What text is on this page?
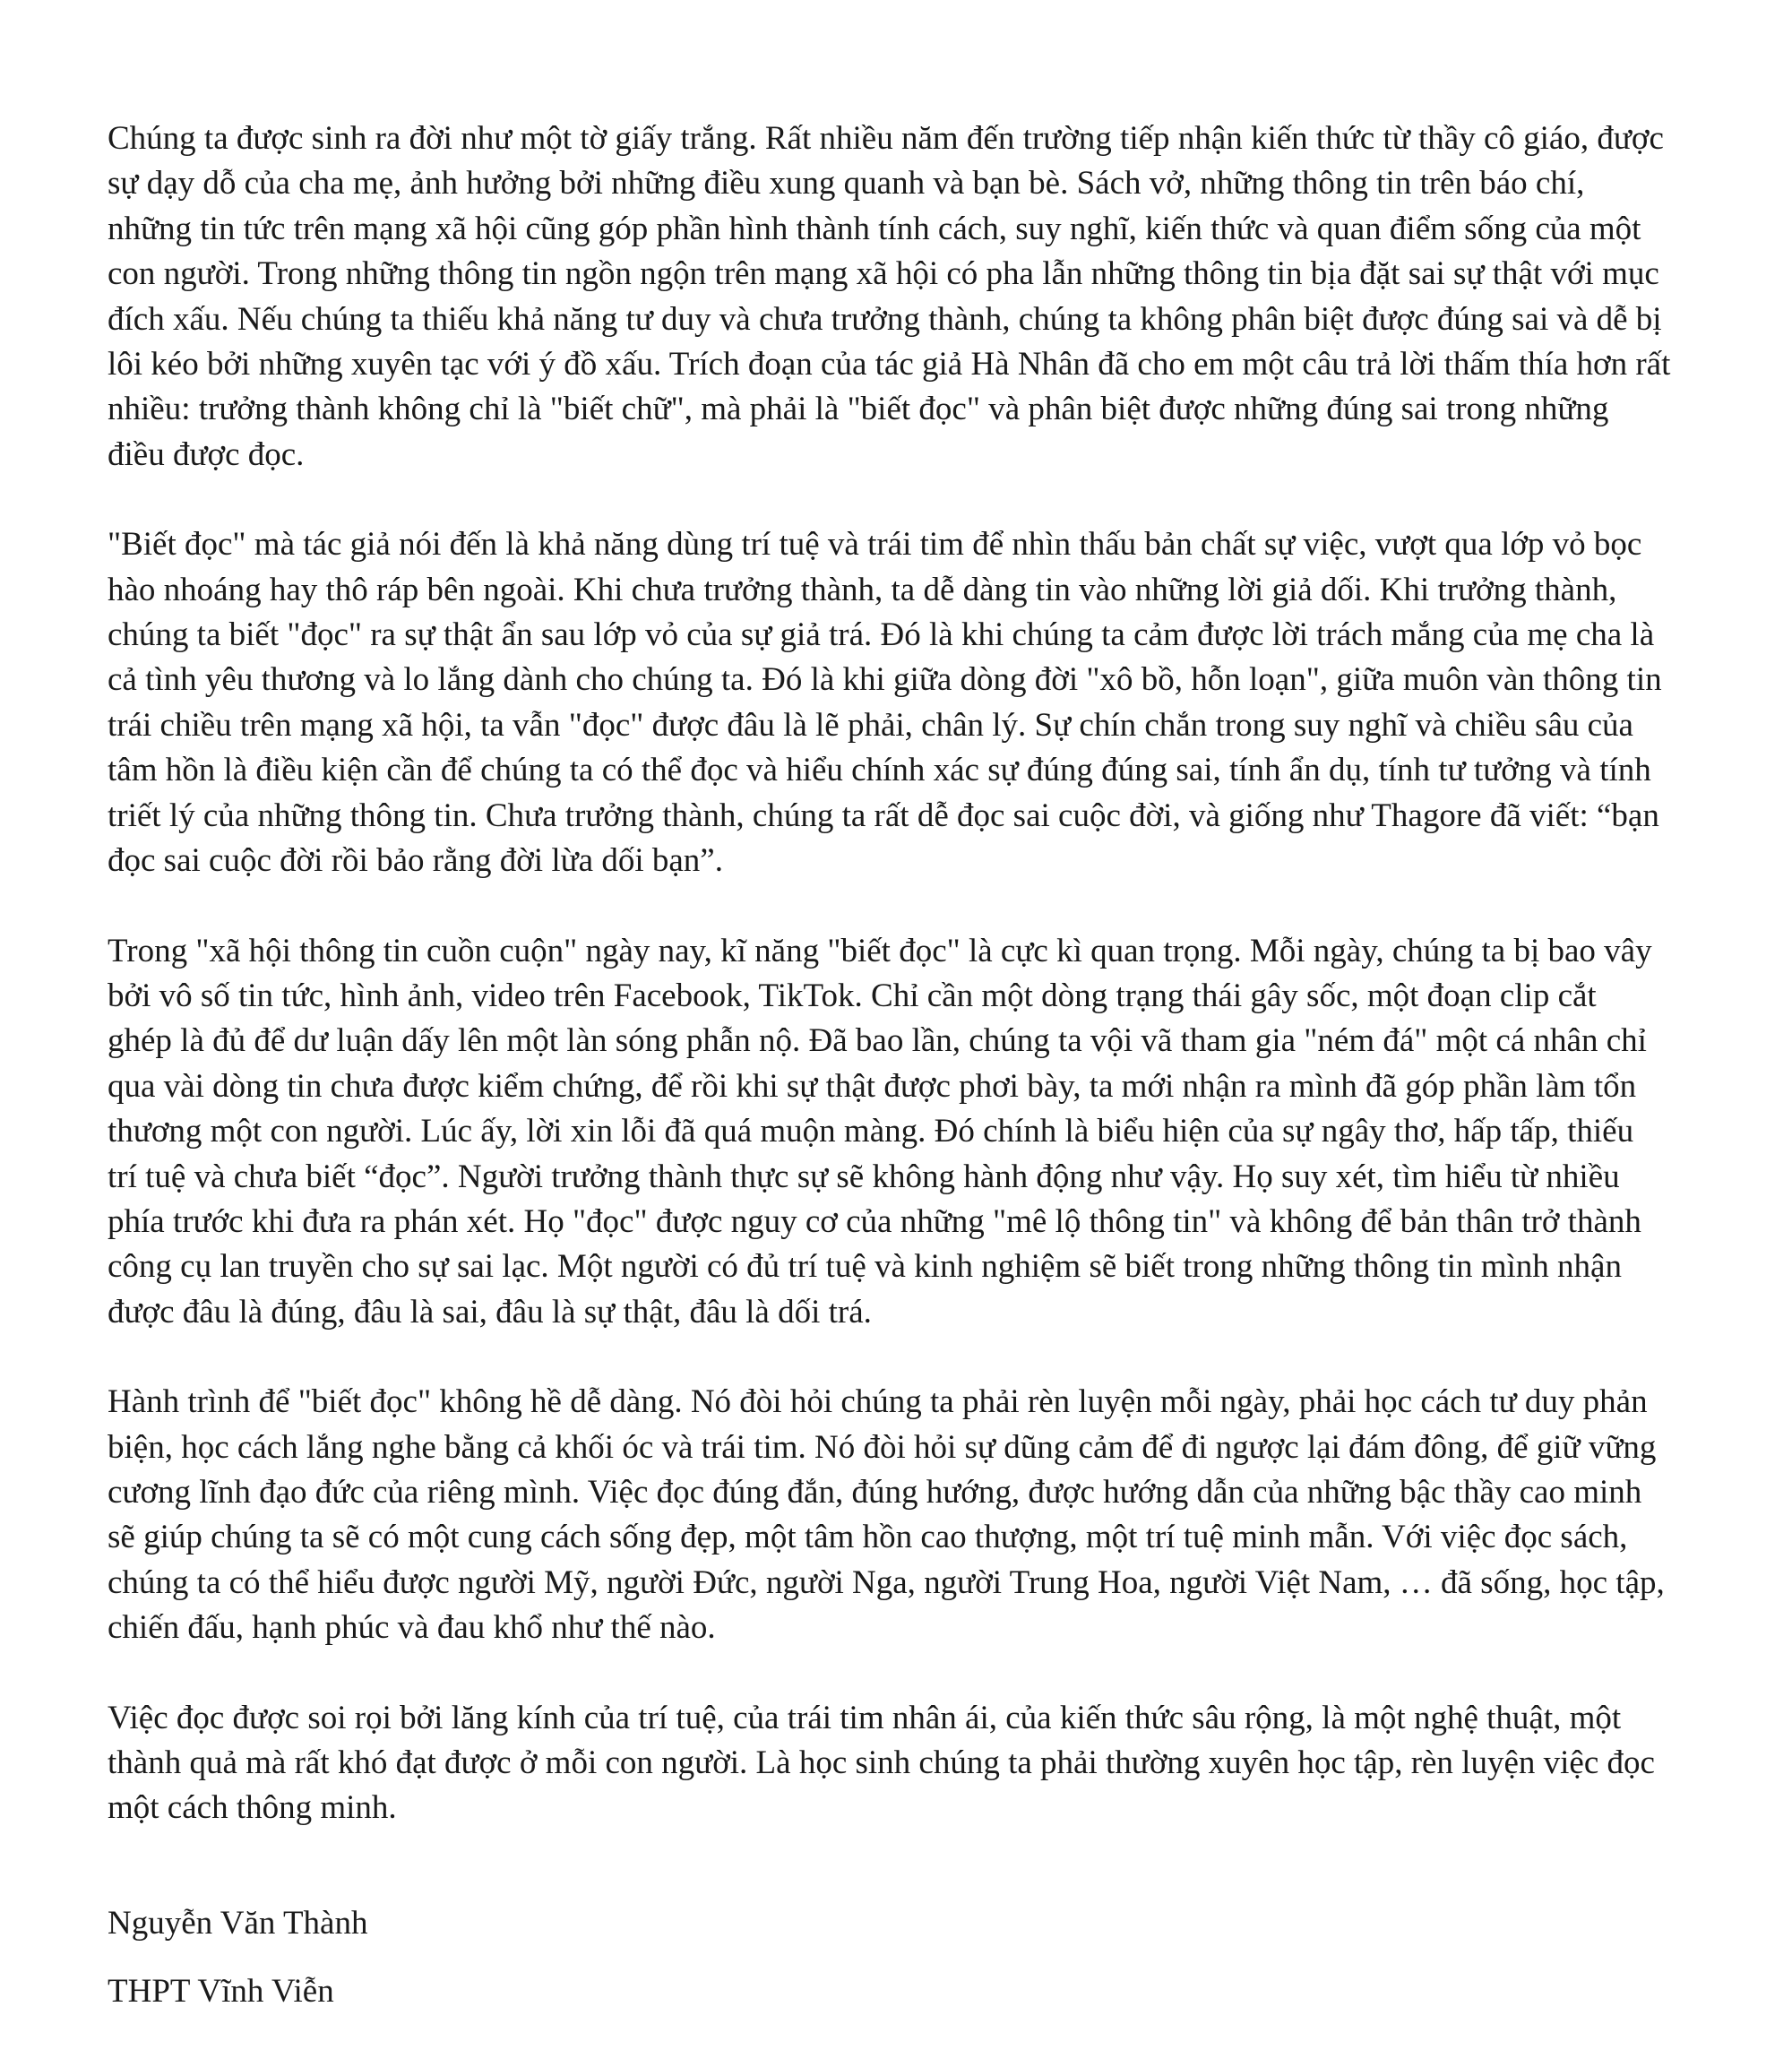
Chúng ta được sinh ra đời như một tờ giấy trắng. Rất nhiều năm đến trường tiếp nhận kiến thức từ thầy cô giáo, được
sự dạy dỗ của cha mẹ, ảnh hưởng bởi những điều xung quanh và bạn bè. Sách vở, những thông tin trên báo chí,
những tin tức trên mạng xã hội cũng góp phần hình thành tính cách, suy nghĩ, kiến thức và quan điểm sống của một
con người. Trong những thông tin ngồn ngộn trên mạng xã hội có pha lẫn những thông tin bịa đặt sai sự thật với mục
đích xấu. Nếu chúng ta thiếu khả năng tư duy và chưa trưởng thành, chúng ta không phân biệt được đúng sai và dễ bị
lôi kéo bởi những xuyên tạc với ý đồ xấu. Trích đoạn của tác giả Hà Nhân đã cho em một câu trả lời thấm thía hơn rất
nhiều: trưởng thành không chỉ là "biết chữ", mà phải là "biết đọc" và phân biệt được những đúng sai trong những
điều được đọc.

"Biết đọc" mà tác giả nói đến là khả năng dùng trí tuệ và trái tim để nhìn thấu bản chất sự việc, vượt qua lớp vỏ bọc
hào nhoáng hay thô ráp bên ngoài. Khi chưa trưởng thành, ta dễ dàng tin vào những lời giả dối. Khi trưởng thành,
chúng ta biết "đọc" ra sự thật ẩn sau lớp vỏ của sự giả trá. Đó là khi chúng ta cảm được lời trách mắng của mẹ cha là
cả tình yêu thương và lo lắng dành cho chúng ta. Đó là khi giữa dòng đời "xô bồ, hỗn loạn", giữa muôn vàn thông tin
trái chiều trên mạng xã hội, ta vẫn "đọc" được đâu là lẽ phải, chân lý. Sự chín chắn trong suy nghĩ và chiều sâu của
tâm hồn là điều kiện cần để chúng ta có thể đọc và hiểu chính xác sự đúng đúng sai, tính ẩn dụ, tính tư tưởng và tính
triết lý của những thông tin. Chưa trưởng thành, chúng ta rất dễ đọc sai cuộc đời, và giống như Thagore đã viết: “bạn
đọc sai cuộc đời rồi bảo rằng đời lừa dối bạn”.

Trong "xã hội thông tin cuồn cuộn" ngày nay, kĩ năng "biết đọc" là cực kì quan trọng. Mỗi ngày, chúng ta bị bao vây
bởi vô số tin tức, hình ảnh, video trên Facebook, TikTok. Chỉ cần một dòng trạng thái gây sốc, một đoạn clip cắt
ghép là đủ để dư luận dấy lên một làn sóng phẫn nộ. Đã bao lần, chúng ta vội vã tham gia "ném đá" một cá nhân chỉ
qua vài dòng tin chưa được kiểm chứng, để rồi khi sự thật được phơi bày, ta mới nhận ra mình đã góp phần làm tổn
thương một con người. Lúc ấy, lời xin lỗi đã quá muộn màng. Đó chính là biểu hiện của sự ngây thơ, hấp tấp, thiếu
trí tuệ và chưa biết “đọc”. Người trưởng thành thực sự sẽ không hành động như vậy. Họ suy xét, tìm hiểu từ nhiều
phía trước khi đưa ra phán xét. Họ "đọc" được nguy cơ của những "mê lộ thông tin" và không để bản thân trở thành
công cụ lan truyền cho sự sai lạc. Một người có đủ trí tuệ và kinh nghiệm sẽ biết trong những thông tin mình nhận
được đâu là đúng, đâu là sai, đâu là sự thật, đâu là dối trá.

Hành trình để "biết đọc" không hề dễ dàng. Nó đòi hỏi chúng ta phải rèn luyện mỗi ngày, phải học cách tư duy phản
biện, học cách lắng nghe bằng cả khối óc và trái tim. Nó đòi hỏi sự dũng cảm để đi ngược lại đám đông, để giữ vững
cương lĩnh đạo đức của riêng mình. Việc đọc đúng đắn, đúng hướng, được hướng dẫn của những bậc thầy cao minh
sẽ giúp chúng ta sẽ có một cung cách sống đẹp, một tâm hồn cao thượng, một trí tuệ minh mẫn. Với việc đọc sách,
chúng ta có thể hiểu được người Mỹ, người Đức, người Nga, người Trung Hoa, người Việt Nam, … đã sống, học tập,
chiến đấu, hạnh phúc và đau khổ như thế nào.

Việc đọc được soi rọi bởi lăng kính của trí tuệ, của trái tim nhân ái, của kiến thức sâu rộng, là một nghệ thuật, một
thành quả mà rất khó đạt được ở mỗi con người. Là học sinh chúng ta phải thường xuyên học tập, rèn luyện việc đọc
một cách thông minh.

Nguyễn Văn Thành
THPT Vĩnh Viễn
